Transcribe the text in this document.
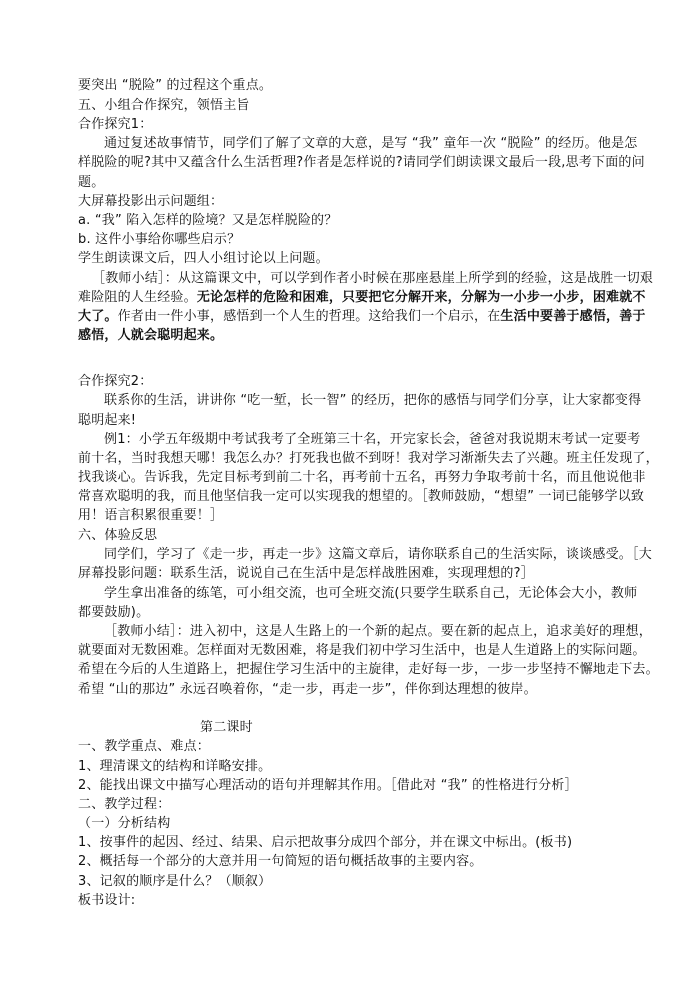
要突出 “脱险” 的过程这个重点。
五、小组合作探究，领悟主旨
合作探究1：
通过复述故事情节，同学们了解了文章的大意，是写 “我” 童年一次 “脱险” 的经历。他是怎
样脱险的呢?其中又蕴含什么生活哲理?作者是怎样说的?请同学们朗读课文最后一段,思考下面的问
题。
大屏幕投影出示问题组：
a. “我” 陷入怎样的险境？又是怎样脱险的？
b. 这件小事给你哪些启示？
学生朗读课文后，四人小组讨论以上问题。
［教师小结］：从这篇课文中，可以学到作者小时候在那座悬崖上所学到的经验，这是战胜一切艰
难险阻的人生经验。无论怎样的危险和困难，只要把它分解开来，分解为一小步一小步，困难就不
大了。作者由一件小事，感悟到一个人生的哲理。这给我们一个启示，在生活中要善于感悟，善于
感悟，人就会聪明起来。
合作探究2：
联系你的生活，讲讲你 “吃一堑，长一智” 的经历，把你的感悟与同学们分享，让大家都变得
聪明起来!
例1：小学五年级期中考试我考了全班第三十名，开完家长会，爸爸对我说期末考试一定要考
前十名，当时我想天哪！我怎么办？打死我也做不到呀！我对学习渐渐失去了兴趣。班主任发现了，
找我谈心。告诉我，先定目标考到前二十名，再考前十五名，再努力争取考前十名，而且他说他非
常喜欢聪明的我，而且他坚信我一定可以实现我的想望的。［教师鼓励，“想望” 一词已能够学以致
用！语言积累很重要！］
六、体验反思
同学们，学习了《走一步，再走一步》这篇文章后，请你联系自己的生活实际，谈谈感受。［大
屏幕投影问题：联系生活，说说自己在生活中是怎样战胜困难，实现理想的?］
学生拿出准备的练笔，可小组交流，也可全班交流(只要学生联系自己，无论体会大小，教师
都要鼓励)。
［教师小结］：进入初中，这是人生路上的一个新的起点。要在新的起点上，追求美好的理想，
就要面对无数困难。怎样面对无数困难，将是我们初中学习生活中，也是人生道路上的实际问题。
希望在今后的人生道路上，把握住学习生活中的主旋律，走好每一步，一步一步坚持不懈地走下去。
希望 “山的那边” 永远召唤着你，“走一步，再走一步”，伴你到达理想的彼岸。
第二课时
一、教学重点、难点：
1、理清课文的结构和详略安排。
2、能找出课文中描写心理活动的语句并理解其作用。［借此对 “我” 的性格进行分析］
二、教学过程：
（一）分析结构
1、按事件的起因、经过、结果、启示把故事分成四个部分，并在课文中标出。(板书)
2、概括每一个部分的大意并用一句简短的语句概括故事的主要内容。
3、记叙的顺序是什么？（顺叙）
板书设计:
